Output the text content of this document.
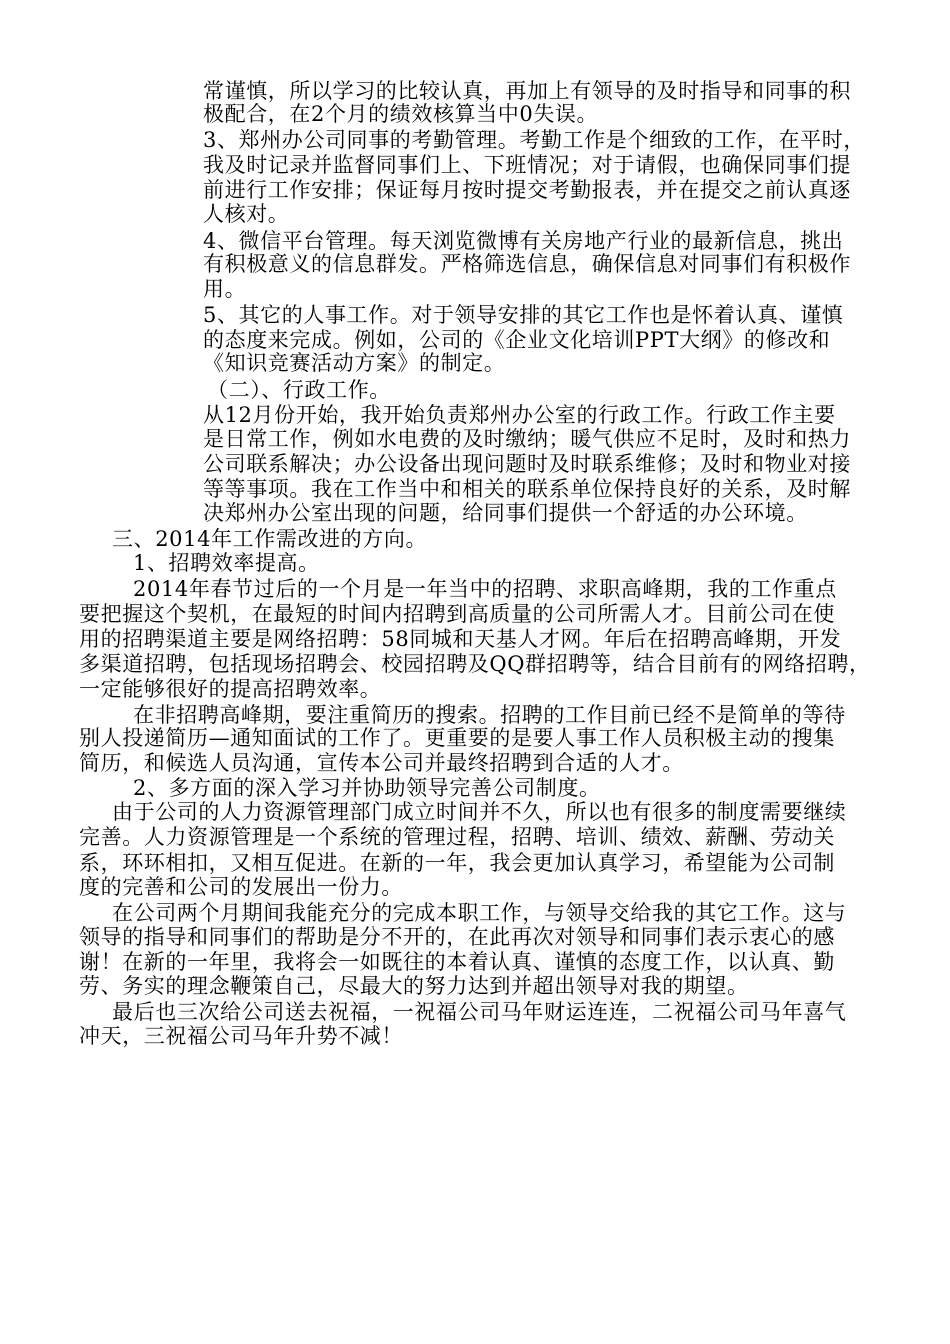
常谨慎，所以学习的比较认真，再加上有领导的及时指导和同事的积
极配合，在2个月的绩效核算当中0失误。
3、郑州办公司同事的考勤管理。考勤工作是个细致的工作，在平时，
我及时记录并监督同事们上、下班情况；对于请假，也确保同事们提
前进行工作安排；保证每月按时提交考勤报表，并在提交之前认真逐
人核对。
4、微信平台管理。每天浏览微博有关房地产行业的最新信息，挑出
有积极意义的信息群发。严格筛选信息，确保信息对同事们有积极作
用。
5、其它的人事工作。对于领导安排的其它工作也是怀着认真、谨慎
的态度来完成。例如，公司的《企业文化培训PPT大纲》的修改和
《知识竞赛活动方案》的制定。
（二）、行政工作。
从12月份开始，我开始负责郑州办公室的行政工作。行政工作主要
是日常工作，例如水电费的及时缴纳；暖气供应不足时，及时和热力
公司联系解决；办公设备出现问题时及时联系维修；及时和物业对接
等等事项。我在工作当中和相关的联系单位保持良好的关系，及时解
决郑州办公室出现的问题，给同事们提供一个舒适的办公环境。
三、2014年工作需改进的方向。
1、招聘效率提高。
2014年春节过后的一个月是一年当中的招聘、求职高峰期，我的工作重点
要把握这个契机，在最短的时间内招聘到高质量的公司所需人才。目前公司在使
用的招聘渠道主要是网络招聘：58同城和天基人才网。年后在招聘高峰期，开发
多渠道招聘，包括现场招聘会、校园招聘及QQ群招聘等，结合目前有的网络招聘，
一定能够很好的提高招聘效率。
在非招聘高峰期，要注重简历的搜索。招聘的工作目前已经不是简单的等待
别人投递简历—通知面试的工作了。更重要的是要人事工作人员积极主动的搜集
简历，和候选人员沟通，宣传本公司并最终招聘到合适的人才。
2、多方面的深入学习并协助领导完善公司制度。
由于公司的人力资源管理部门成立时间并不久，所以也有很多的制度需要继续
完善。人力资源管理是一个系统的管理过程，招聘、培训、绩效、薪酬、劳动关
系，环环相扣，又相互促进。在新的一年，我会更加认真学习，希望能为公司制
度的完善和公司的发展出一份力。
在公司两个月期间我能充分的完成本职工作，与领导交给我的其它工作。这与
领导的指导和同事们的帮助是分不开的，在此再次对领导和同事们表示衷心的感
谢！在新的一年里，我将会一如既往的本着认真、谨慎的态度工作，以认真、勤
劳、务实的理念鞭策自己，尽最大的努力达到并超出领导对我的期望。
最后也三次给公司送去祝福，一祝福公司马年财运连连，二祝福公司马年喜气
冲天，三祝福公司马年升势不减！
